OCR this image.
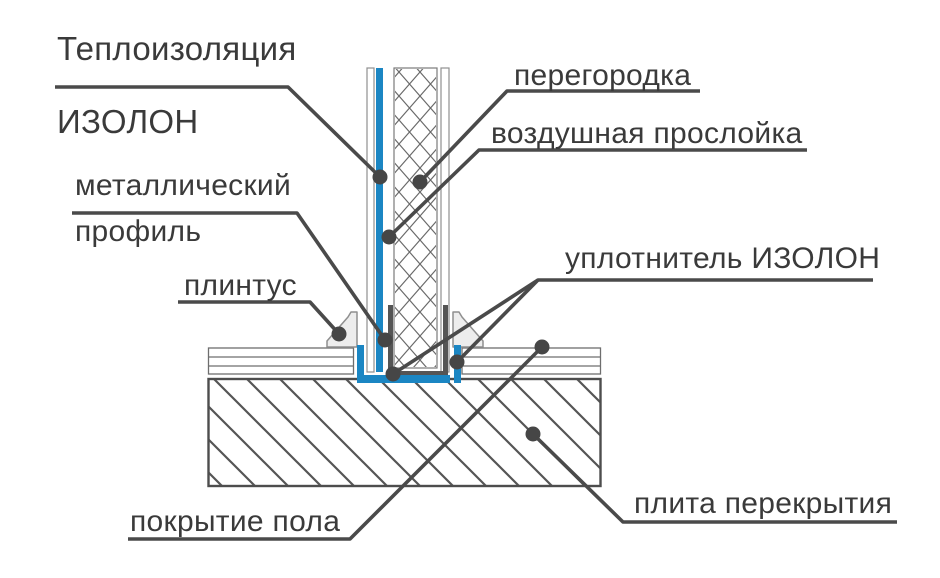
Теплоизоляция
ИЗОЛОН
перегородка
воздушная прослойка
металлический
профиль
плинтус
уплотнитель ИЗОЛОН
покрытие пола
плита перекрытия
